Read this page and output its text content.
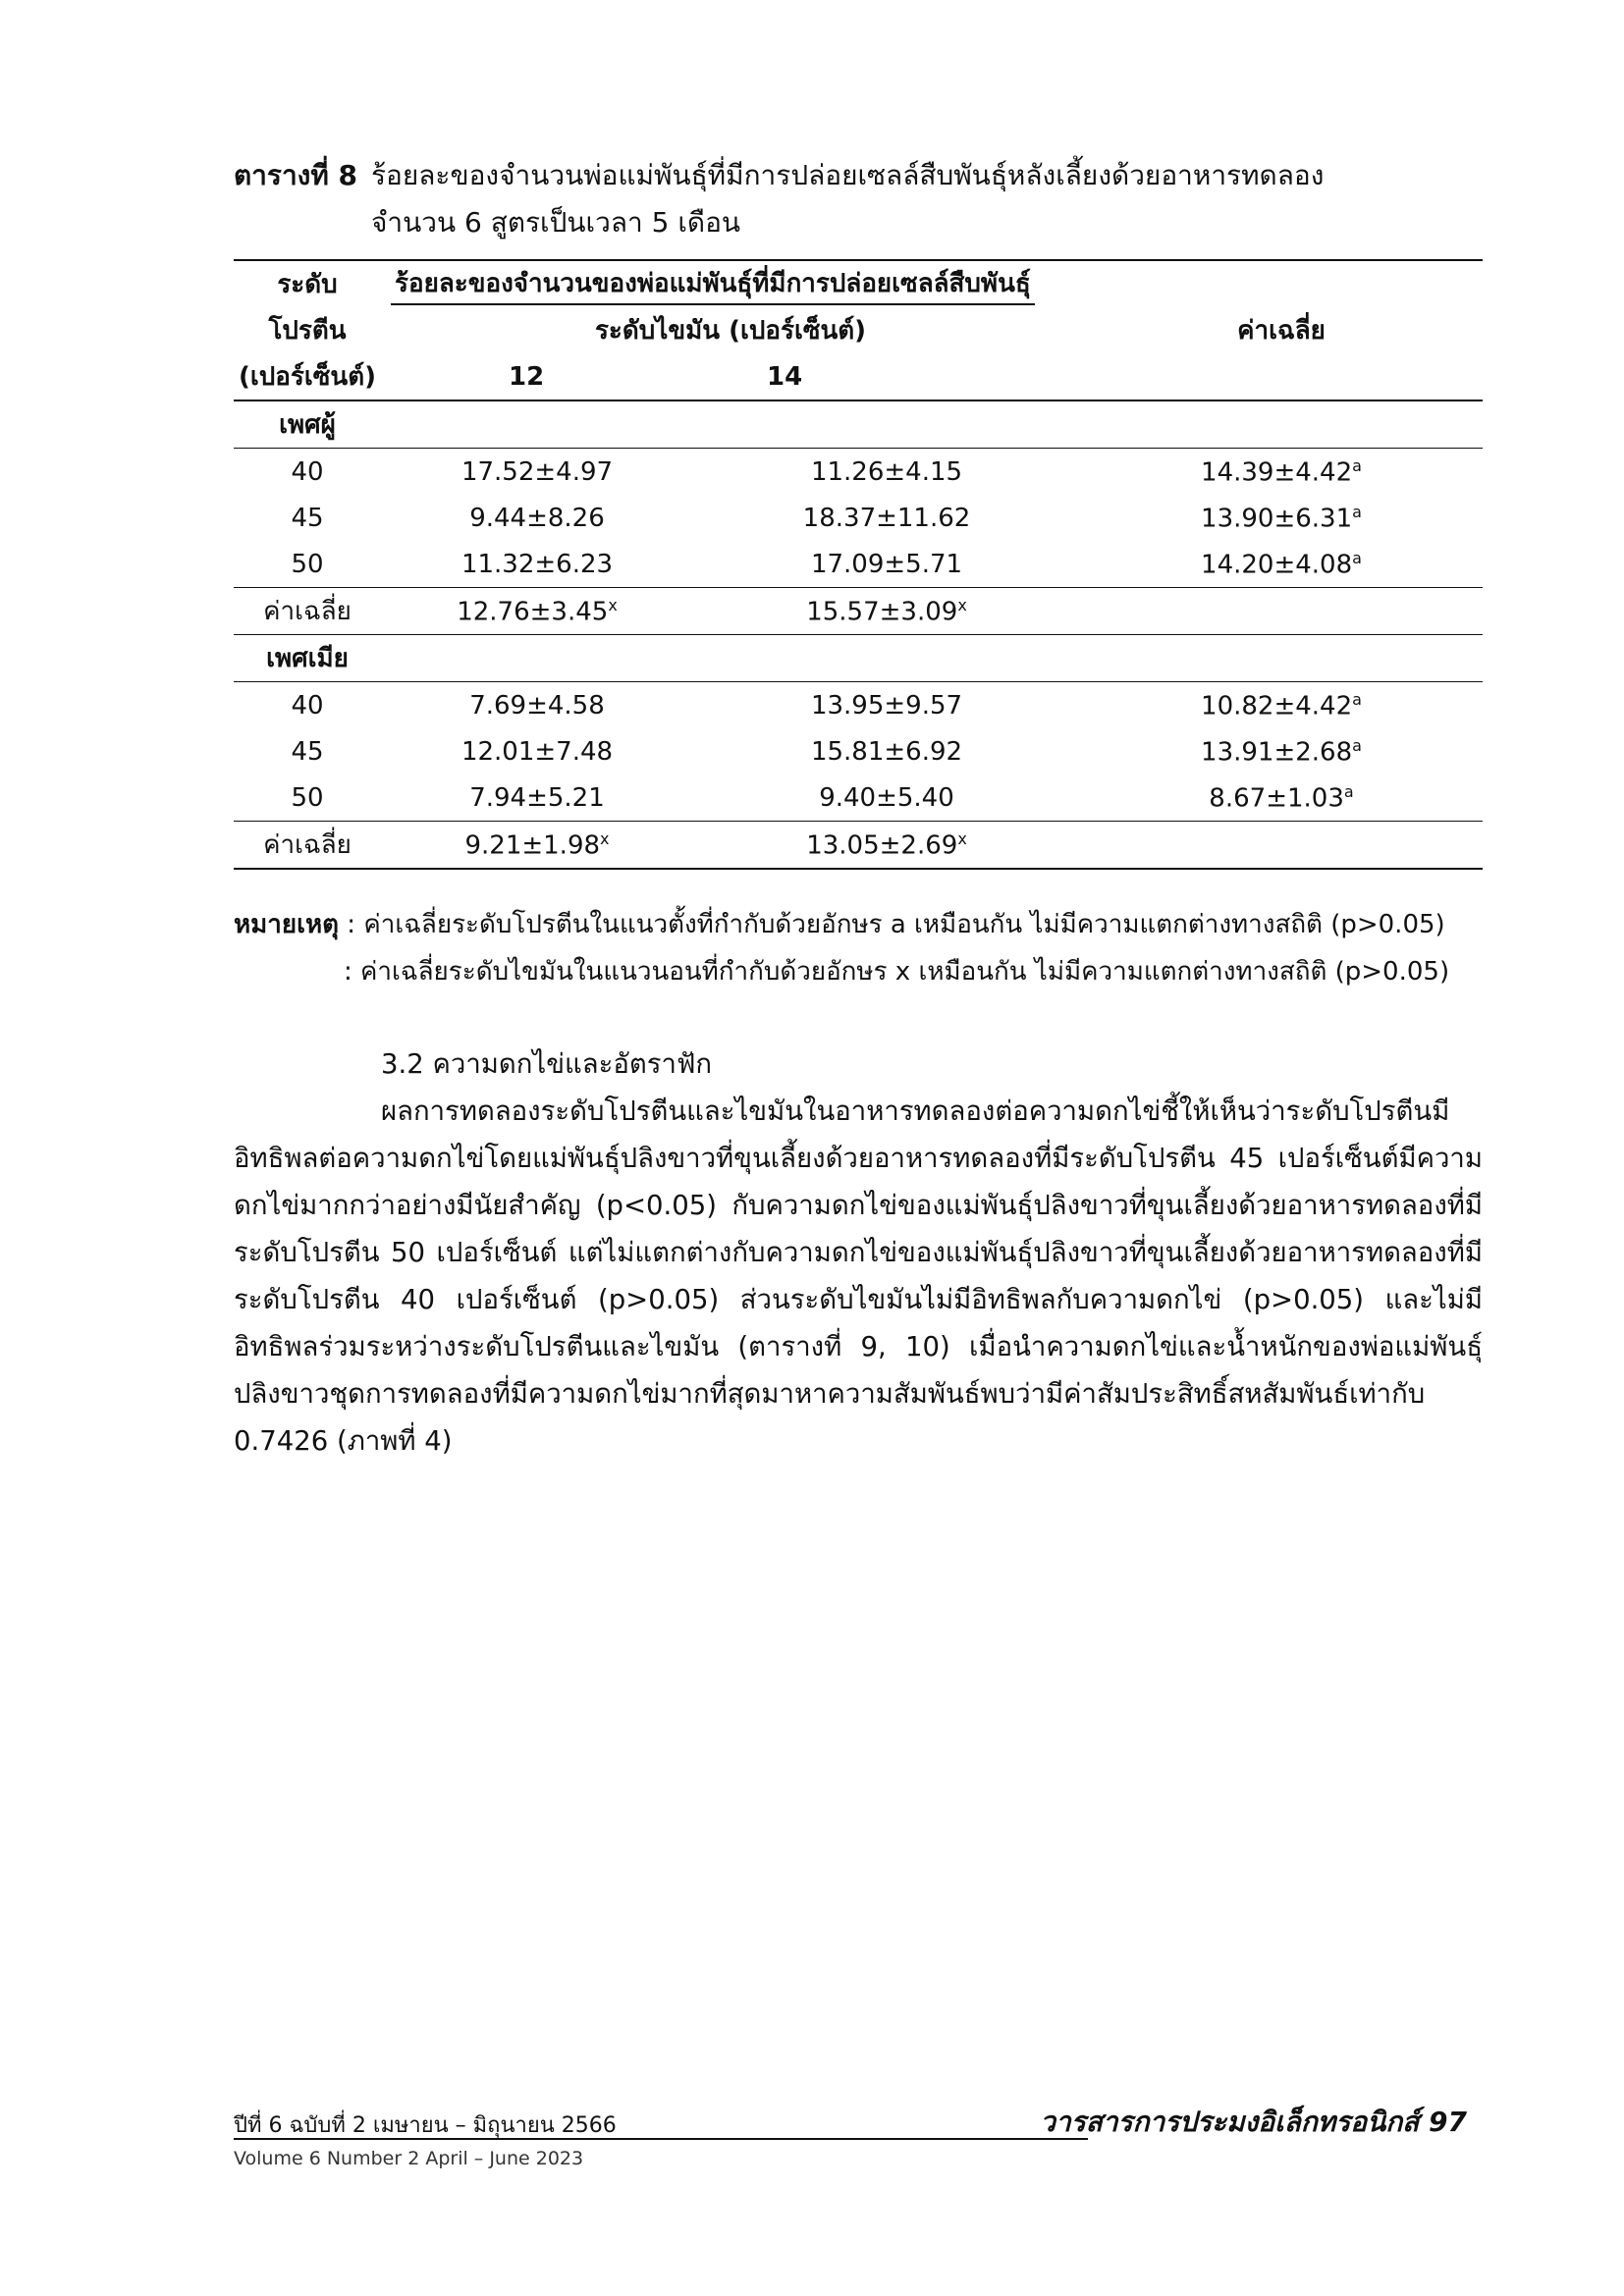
ตารางที่ 8 ร้อยละของจำนวนพ่อแม่พันธุ์ที่มีการปล่อยเซลล์สืบพันธุ์หลังเลี้ยงด้วยอาหารทดลอง
จำนวน 6 สูตรเป็นเวลา 5 เดือน
ระดับ	ร้อยละของจำนวนของพ่อแม่พันธุ์ที่มีการปล่อยเซลล์สืบพันธุ์		
โปรตีน	ระดับไขมัน (เปอร์เซ็นต์)		ค่าเฉลี่ย
(เปอร์เซ็นต์)	12	14	
เพศผู้			
40	17.52±4.97	11.26±4.15	14.39±4.42$^a$
45	9.44±8.26	18.37±11.62	13.90±6.31$^a$
50	11.32±6.23	17.09±5.71	14.20±4.08$^a$
ค่าเฉลี่ย	$12.76\pm 3.45^x$	$15.57\pm 3.09^x$	
เพศเมีย			
40	7.69±4.58	13.95±9.57	10.82±4.42$^a$
45	12.01±7.48	15.81±6.92	13.91±2.68$^a$
50	7.94±5.21	9.40±5.40	8.67±1.03$^a$
ค่าเฉลี่ย	$9.21\pm 1.98^x$	$13.05\pm 2.69^x$	
หมายเหตุ : ค่าเฉลี่ยระดับโปรตีนในแนวตั้งที่กำกับด้วยอักษร a เหมือนกัน ไม่มีความแตกต่างทางสถิติ (p>0.05)
: ค่าเฉลี่ยระดับไขมันในแนวนอนที่กำกับด้วยอักษร x เหมือนกัน ไม่มีความแตกต่างทางสถิติ (p>0.05)
3.2 ความดกไข่และอัตราฟัก

ผลการทดลองระดับโปรตีนและไขมันในอาหารทดลองต่อความดกไข่ชี้ให้เห็นว่าระดับโปรตีนมีอิทธิพลต่อความดกไข่โดยแม่พันธุ์ปลิงขาวที่ขุนเลี้ยงด้วยอาหารทดลองที่มีระดับโปรตีน 45 เปอร์เซ็นต์มีความดกไข่มากกว่าอย่างมีนัยสำคัญ (p<0.05) กับความดกไข่ของแม่พันธุ์ปลิงขาวที่ขุนเลี้ยงด้วยอาหารทดลองที่มีระดับโปรตีน 50 เปอร์เซ็นต์ แต่ไม่แตกต่างกับความดกไข่ของแม่พันธุ์ปลิงขาวที่ขุนเลี้ยงด้วยอาหารทดลองที่มีระดับโปรตีน 40 เปอร์เซ็นต์ (p>0.05) ส่วนระดับไขมันไม่มีอิทธิพลกับความดกไข่ (p>0.05) และไม่มีอิทธิพลร่วมระหว่างระดับโปรตีนและไขมัน (ตารางที่ 9, 10) เมื่อนำความดกไข่และน้ำหนักของพ่อแม่พันธุ์ปลิงขาวชุดการทดลองที่มีความดกไข่มากที่สุดมาหาความสัมพันธ์พบว่ามีค่าสัมประสิทธิ์สหสัมพันธ์เท่ากับ 0.7426 (ภาพที่ 4)

ปีที่ 6 ฉบับที่ 2 เมษายน – มิถุนายน 2566
Volume 6 Number 2 April – June 2023
วารสารการประมงอิเล็กทรอนิกส์ 97
